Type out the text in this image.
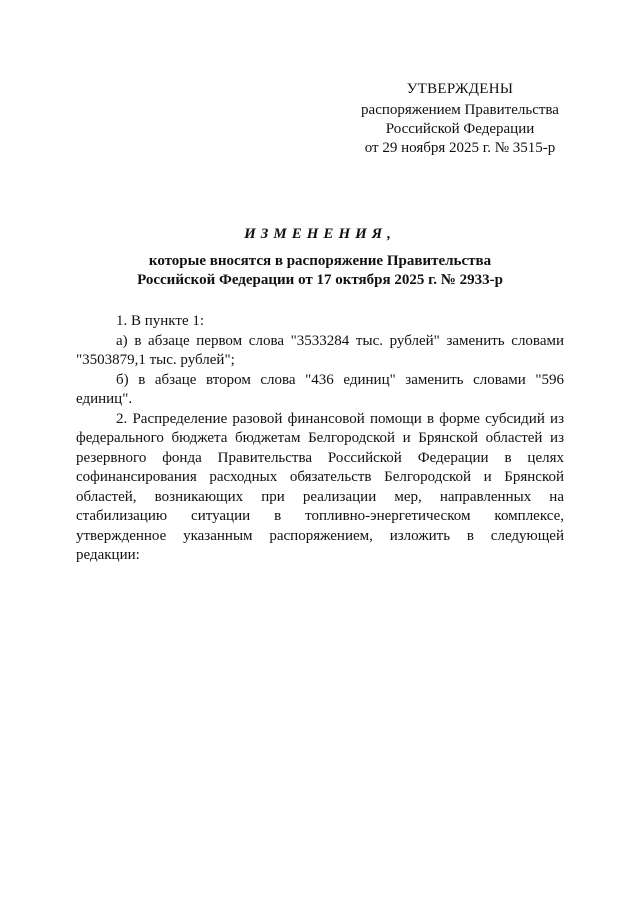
УТВЕРЖДЕНЫ
распоряжением Правительства
Российской Федерации
от 29 ноября 2025 г. № 3515-р
ИЗМЕНЕНИЯ,
которые вносятся в распоряжение Правительства
Российской Федерации от 17 октября 2025 г. № 2933-р

1. В пункте 1:

а) в абзаце первом слова "3533284 тыс. рублей" заменить словами "3503879,1 тыс. рублей";

б) в абзаце втором слова "436 единиц" заменить словами "596 единиц".

2. Распределение разовой финансовой помощи в форме субсидий из федерального бюджета бюджетам Белгородской и Брянской областей из резервного фонда Правительства Российской Федерации в целях софинансирования расходных обязательств Белгородской и Брянской областей, возникающих при реализации мер, направленных на стабилизацию ситуации в топливно-энергетическом комплексе, утвержденное указанным распоряжением, изложить в следующей редакции:
